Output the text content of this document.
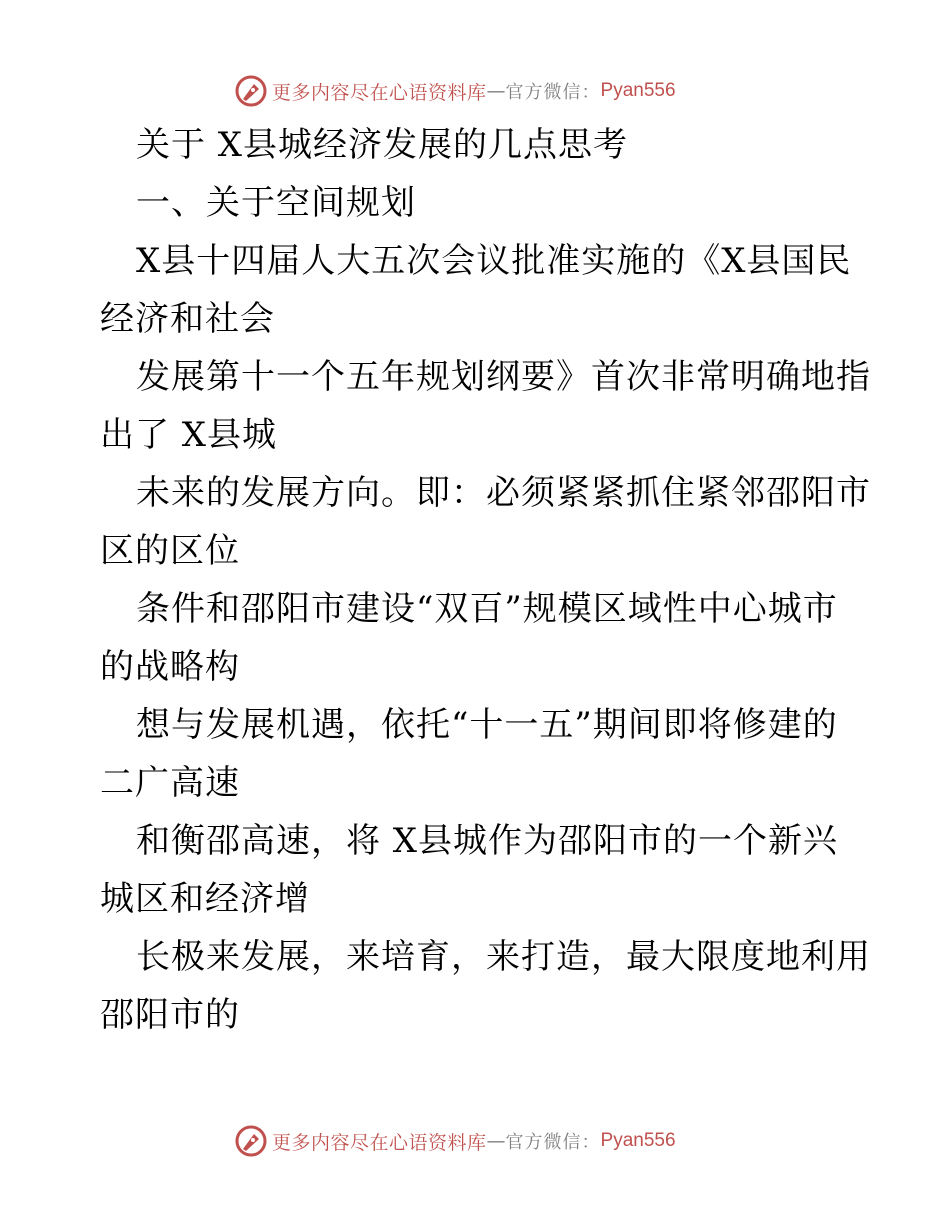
更多内容尽在心语资料库 — 官方微信： Pyan556

关于 X县城经济发展的几点思考

一、关于空间规划

X县十四届人大五次会议批准实施的《X县国民

经济和社会

发展第十一个五年规划纲要》首次非常明确地指

出了 X县城

未来的发展方向。即：必须紧紧抓住紧邻邵阳市

区的区位

条件和邵阳市建设“双百”规模区域性中心城市

的战略构

想与发展机遇，依托“十一五”期间即将修建的

二广高速

和衡邵高速，将 X县城作为邵阳市的一个新兴

城区和经济增

长极来发展，来培育，来打造，最大限度地利用

邵阳市的

更多内容尽在心语资料库 — 官方微信： Pyan556
